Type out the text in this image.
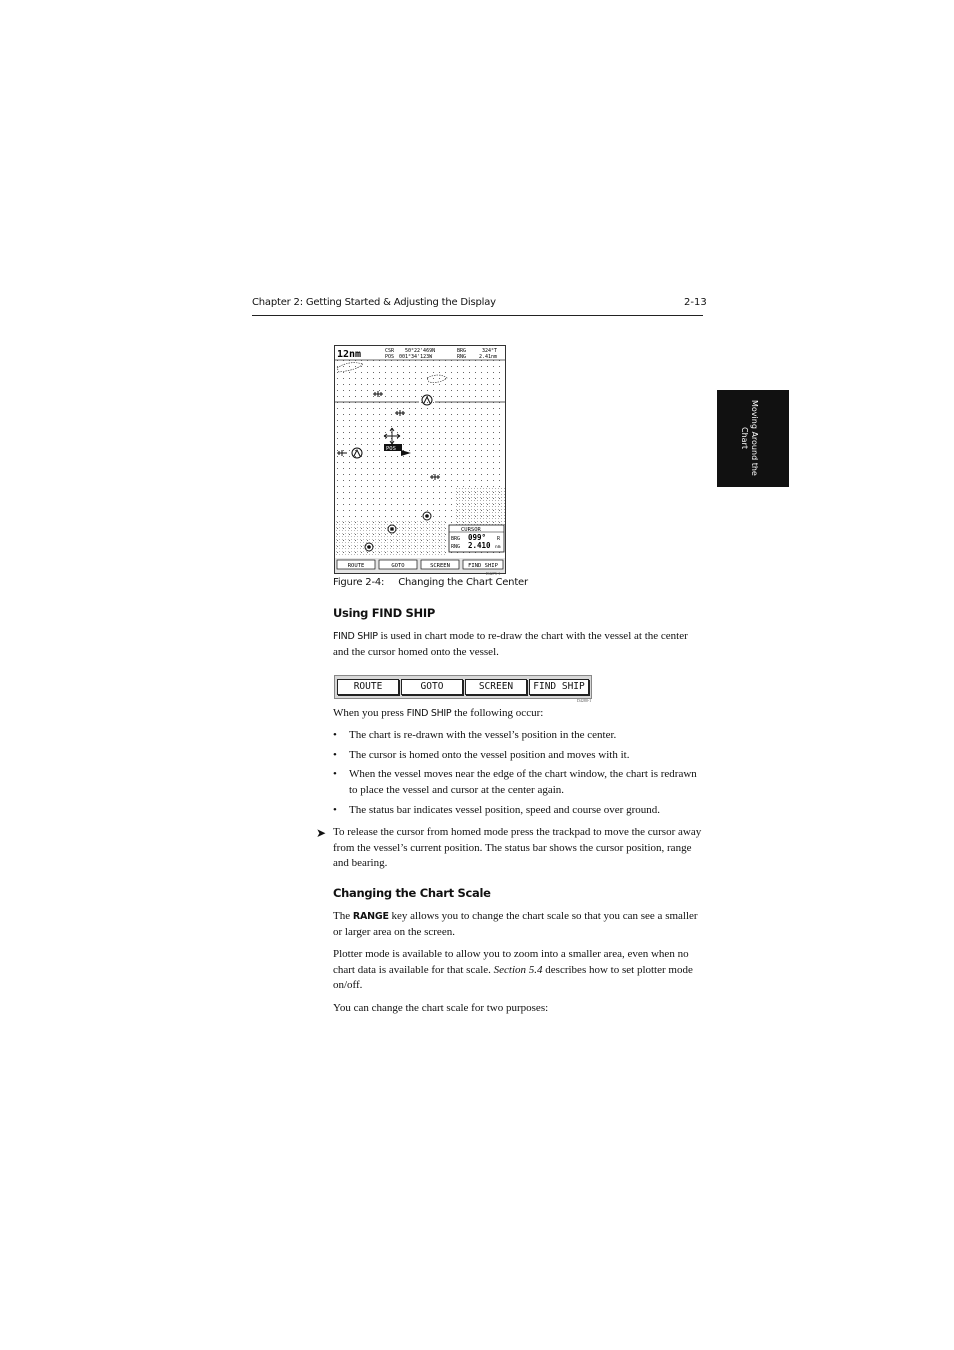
Chapter 2: Getting Started & Adjusting the Display	2-13
Moving Around the Chart
12nm	CSR 50°22'469N
POS 001°34'123W
BRG	324°T
RNG	2.41nm
POS
CURSOR
BRG 099° R
RNG 2.410 nm
ROUTE	GOTO	SCREEN	FIND SHIP
D4275-1
Figure 2-4: Changing the Chart Center
Using FIND SHIP
FIND SHIP is used in chart mode to re-draw the chart with the vessel at the center and the cursor homed onto the vessel.
ROUTE	GOTO	SCREEN	FIND SHIP
D4280-1
When you press FIND SHIP the following occur:
• The chart is re-drawn with the vessel’s position in the center.
• The cursor is homed onto the vessel position and moves with it.
• When the vessel moves near the edge of the chart window, the chart is redrawn to place the vessel and cursor at the center again.
• The status bar indicates vessel position, speed and course over ground.
➤ To release the cursor from homed mode press the trackpad to move the cursor away from the vessel’s current position. The status bar shows the cursor position, range and bearing.
Changing the Chart Scale
The RANGE key allows you to change the chart scale so that you can see a smaller or larger area on the screen.
Plotter mode is available to allow you to zoom into a smaller area, even when no chart data is available for that scale. Section 5.4 describes how to set plotter mode on/off.
You can change the chart scale for two purposes:
